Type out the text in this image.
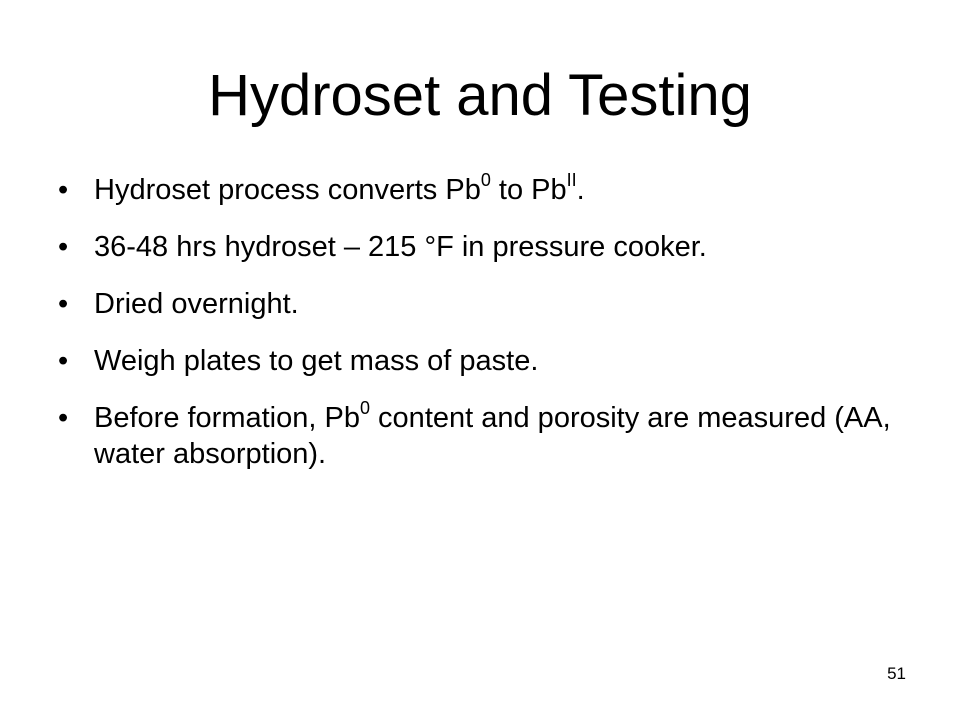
Hydroset and Testing
• Hydroset process converts Pb$^0$ to $Pb^{II}$.
• 36-48 hrs hydroset – 215 °F in pressure cooker.
• Dried overnight.
• Weigh plates to get mass of paste.
• Before formation, Pb$^0$ content and porosity are measured (AA, water absorption).
51
